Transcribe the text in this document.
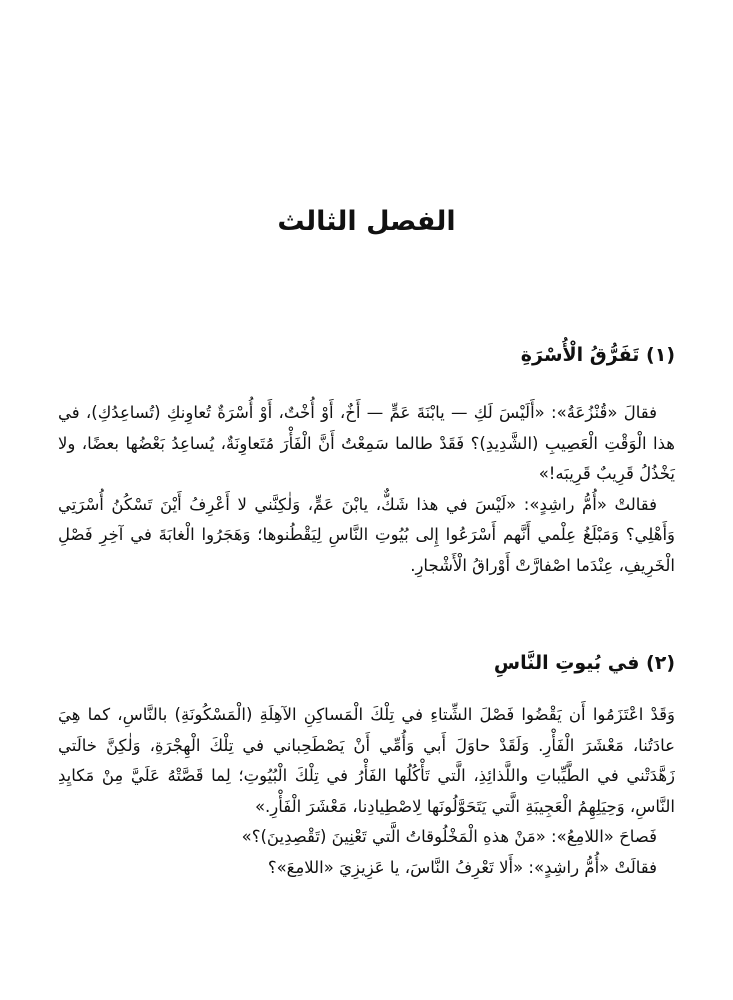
الفصل الثالث
(١) تَفَرُّقُ الْأُسْرَةِ

فقالَ «قُنْزُعَةُ»: «أَلَيْسَ لَكِ — يابْنَةَ عَمٍّ — أَخٌ، أَوْ أُخْتٌ، أَوْ أُسْرَةٌ تُعاوِنكِ (تُساعِدُكِ)، في هذا الْوَقْتِ الْعَصِيبِ (الشَّدِيدِ)؟ فَقَدْ طالما سَمِعْتُ أَنَّ الْفَأْرَ مُتَعاوِنَةٌ، يُساعِدُ بَعْضُها بعضًا، ولا يَخْذُلُ قَرِيبٌ قَرِيبَه!»

فقالتْ «أُمُّ راشِدٍ»: «لَيْسَ في هذا شَكٌّ، يابْنَ عَمٍّ، وَلٰكِنَّني لا أَعْرِفُ أَيْنَ تَسْكُنُ أُسْرَتِي وَأَهْلِي؟ وَمَبْلَغُ عِلْمي أَنَّهم أَسْرَعُوا إِلى بُيُوتِ النَّاسِ لِيَقْطُنوها؛ وَهَجَرُوا الْغابَةَ في آخِرِ فَصْلِ الْخَرِيفِ، عِنْدَما اصْفارَّتْ أَوْراقُ الْأَشْجارِ.

(٢) في بُيوتِ النَّاسِ

وَقَدْ اعْتَزَمُوا أَن يَقْضُوا فَصْلَ الشِّتاءِ في تِلْكَ الْمَساكِنِ الآهِلَةِ (الْمَسْكُونَةِ) بالنَّاسِ، كما هِيَ عادَتُنا، مَعْشَرَ الْفَأْرِ. وَلَقَدْ حاوَلَ أَبي وَأُمِّي أَنْ يَصْطَحِباني في تِلْكَ الْهِجْرَةِ، وَلٰكِنَّ خالَتي زَهَّدَتْني في الطَّيِّباتِ واللَّذائِذِ، الَّتي تَأْكُلُها الفَأْرُ في تِلْكَ الْبُيُوتِ؛ لِما قَصَّتْهُ عَلَيَّ مِنْ مَكايِدِ النَّاسِ، وَحِيَلِهِمُ الْعَجِيبَةِ الَّتي يَتَحَوَّلُونَها لِاصْطِيادِنا، مَعْشَرَ الْفَأْرِ.»

فَصاحَ «اللامِعُ»: «مَنْ هذهِ الْمَخْلُوقاتُ الَّتي تَعْنِينَ (تَقْصِدِينَ)؟»

فقالَتْ «أُمُّ راشِدٍ»: «أَلا تَعْرِفُ النَّاسَ، يا عَزِيزِيَ «اللامِعَ»؟
